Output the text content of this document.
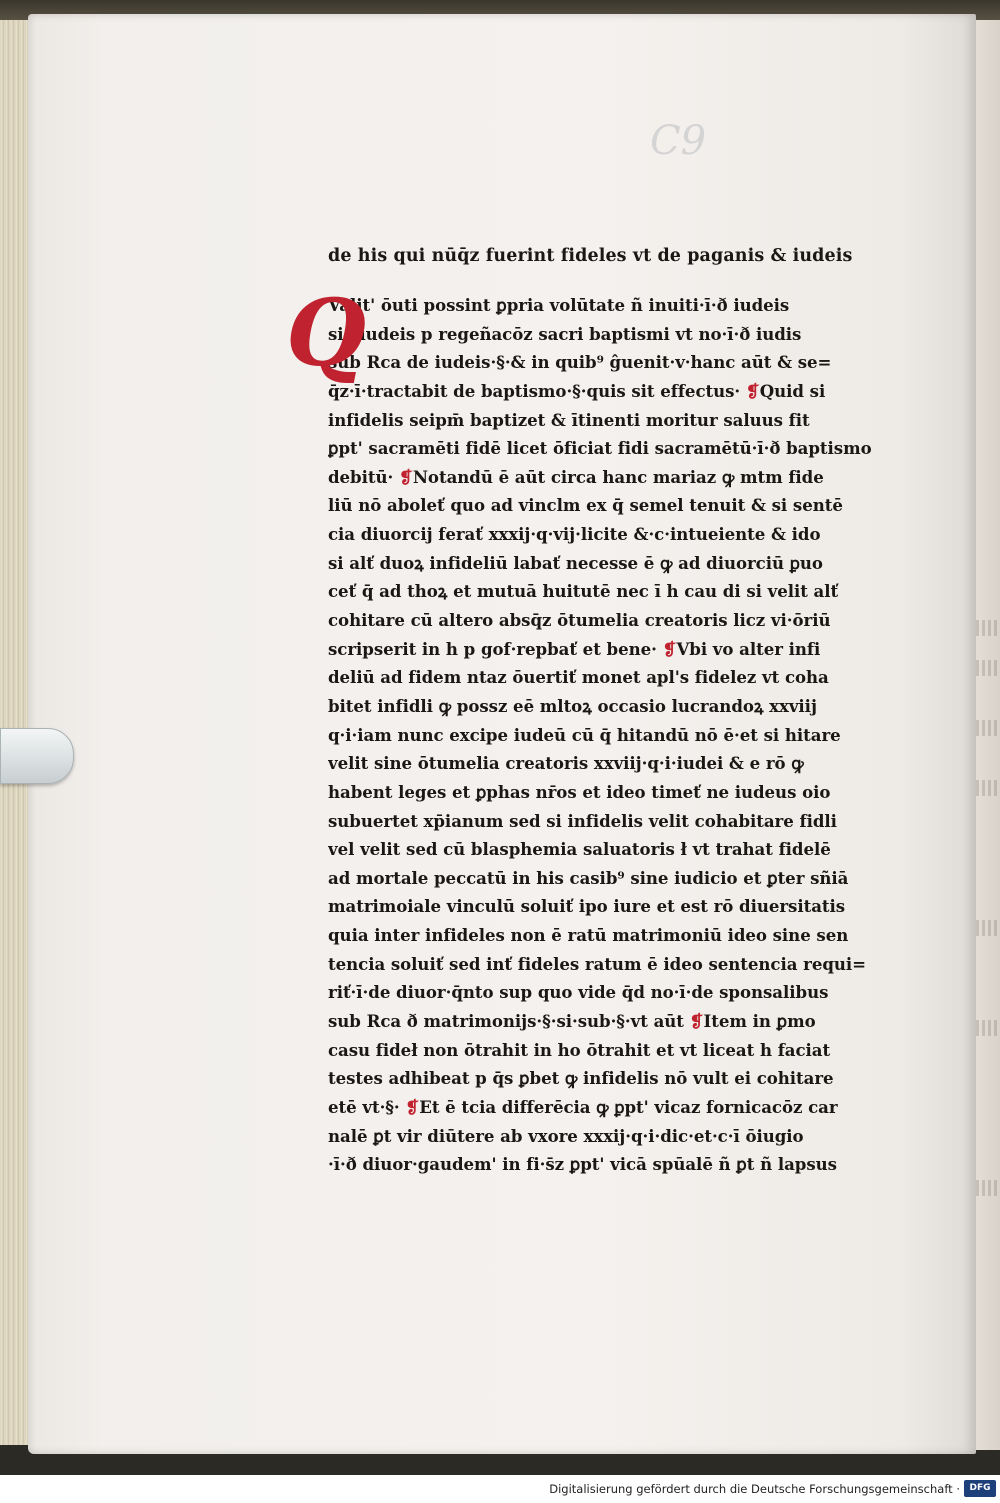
C9
de his qui nūq̄z fuerint fideles vt de paganis & iudeis
Q
Valit' ōuti possint ꝑpria volūtate ñ inuiti·ī·ð iudeis
sic iudeis p regeñacōz sacri baptismi vt no·ī·ð iudis
sub Rca de iudeis·§·& in quib⁹ ĝuenit·v·hanc aūt & se=
q̄z·ī·tractabit de baptismo·§·quis sit effectus· ❡Quid si
infidelis seipm̄ baptizet & ītinenti moritur saluus fit
ꝑpt' sacramēti fidē licet ōficiat fidi sacramētū·ī·ð baptismo
debitū· ❡Notandū ē aūt circa hanc mariaz ꝙ mtm fide
liū nō aboleť quo ad vinclm ex q̄ semel tenuit & si sentē
cia diuorcij ferať xxxij·q·vij·licite &·c·intueiente & ido
si alť duoꝝ infideliū labať necesse ē ꝙ ad diuorciū ꝑuo
ceť q̄ ad thoꝝ et mutuā huitutē nec ī h cau di si velit alť
cohitare cū altero absq̄z ōtumelia creatoris licz vi·ōriū
scripserit in h p gof·repbať et bene· ❡Vbi vo alter infi
deliū ad fidem ntaz ōuertiť monet apl's fidelez vt coha
bitet infidli ꝙ possz eē mltoꝝ occasio lucrandoꝝ xxviij
q·i·iam nunc excipe iudeū cū q̄ hitandū nō ē·et si hitare
velit sine ōtumelia creatoris xxviij·q·i·iudei & e rō ꝙ
habent leges et ꝑphas nr̄os et ideo timeť ne iudeus oio
subuertet xp̄ianum sed si infidelis velit cohabitare fidli
vel velit sed cū blasphemia saluatoris ł vt trahat fidelē
ad mortale peccatū in his casib⁹ sine iudicio et ꝑter sñiā
matrimoiale vinculū soluiť ipo iure et est rō diuersitatis
quia inter infideles non ē ratū matrimoniū ideo sine sen
tencia soluiť sed inť fideles ratum ē ideo sentencia requi=
riť·ī·de diuor·q̄nto sup quo vide q̄d no·ī·de sponsalibus
sub Rca ð matrimonijs·§·si·sub·§·vt aūt ❡Item in ꝑmo
casu fideł non ōtrahit in ho ōtrahit et vt liceat h faciat
testes adhibeat p q̄s ꝑbet ꝙ infidelis nō vult ei cohitare
etē vt·§· ❡Et ē tcia differēcia ꝙ ꝑpt' vicaz fornicacōz car
nalē ꝑt vir diūtere ab vxore xxxij·q·i·dic·et·c·ī ōiugio
·ī·ð diuor·gaudem' in fi·s̄z ꝑpt' vicā spūalē ñ ꝑt ñ lapsus
Digitalisierung gefördert durch die Deutsche Forschungsgemeinschaft ·	DFG
